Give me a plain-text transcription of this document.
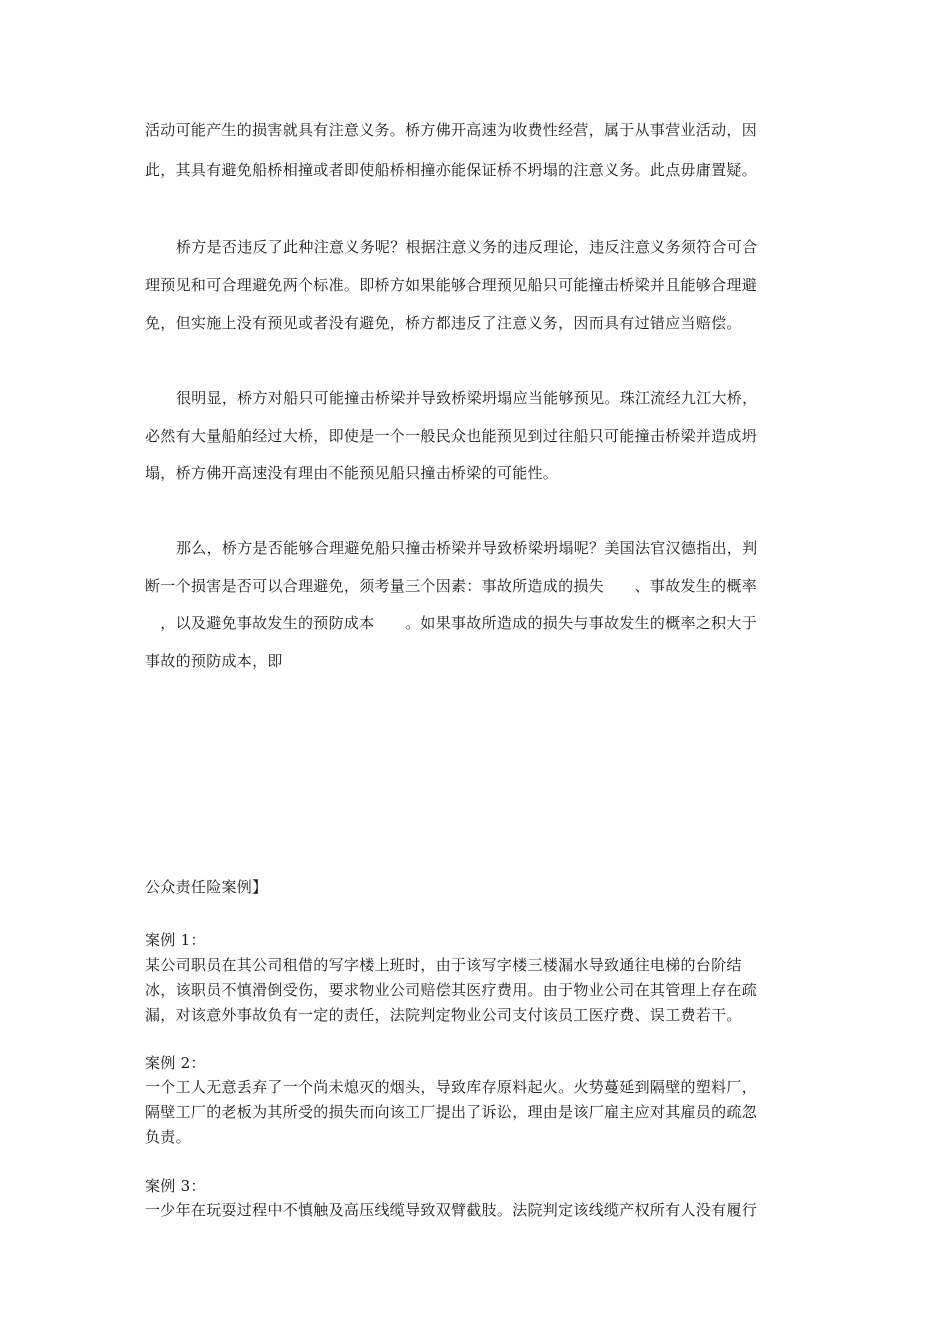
活动可能产生的损害就具有注意义务。桥方佛开高速为收费性经营，属于从事营业活动，因
此，其具有避免船桥相撞或者即使船桥相撞亦能保证桥不坍塌的注意义务。此点毋庸置疑。
桥方是否违反了此种注意义务呢？根据注意义务的违反理论，违反注意义务须符合可合
理预见和可合理避免两个标准。即桥方如果能够合理预见船只可能撞击桥梁并且能够合理避
免，但实施上没有预见或者没有避免，桥方都违反了注意义务，因而具有过错应当赔偿。
很明显，桥方对船只可能撞击桥梁并导致桥梁坍塌应当能够预见。珠江流经九江大桥，
必然有大量船舶经过大桥，即使是一个一般民众也能预见到过往船只可能撞击桥梁并造成坍
塌，桥方佛开高速没有理由不能预见船只撞击桥梁的可能性。
那么，桥方是否能够合理避免船只撞击桥梁并导致桥梁坍塌呢？美国法官汉德指出，判
断一个损害是否可以合理避免，须考量三个因素：事故所造成的损失　　、事故发生的概率
　，以及避免事故发生的预防成本　　。如果事故所造成的损失与事故发生的概率之积大于
事故的预防成本，即
公众责任险案例】
案例 1：
某公司职员在其公司租借的写字楼上班时，由于该写字楼三楼漏水导致通往电梯的台阶结
冰，该职员不慎滑倒受伤，要求物业公司赔偿其医疗费用。由于物业公司在其管理上存在疏
漏，对该意外事故负有一定的责任，法院判定物业公司支付该员工医疗费、误工费若干。
案例 2：
一个工人无意丢弃了一个尚未熄灭的烟头，导致库存原料起火。火势蔓延到隔壁的塑料厂，
隔壁工厂的老板为其所受的损失而向该工厂提出了诉讼，理由是该厂雇主应对其雇员的疏忽
负责。
案例 3：
一少年在玩耍过程中不慎触及高压线缆导致双臂截肢。法院判定该线缆产权所有人没有履行
